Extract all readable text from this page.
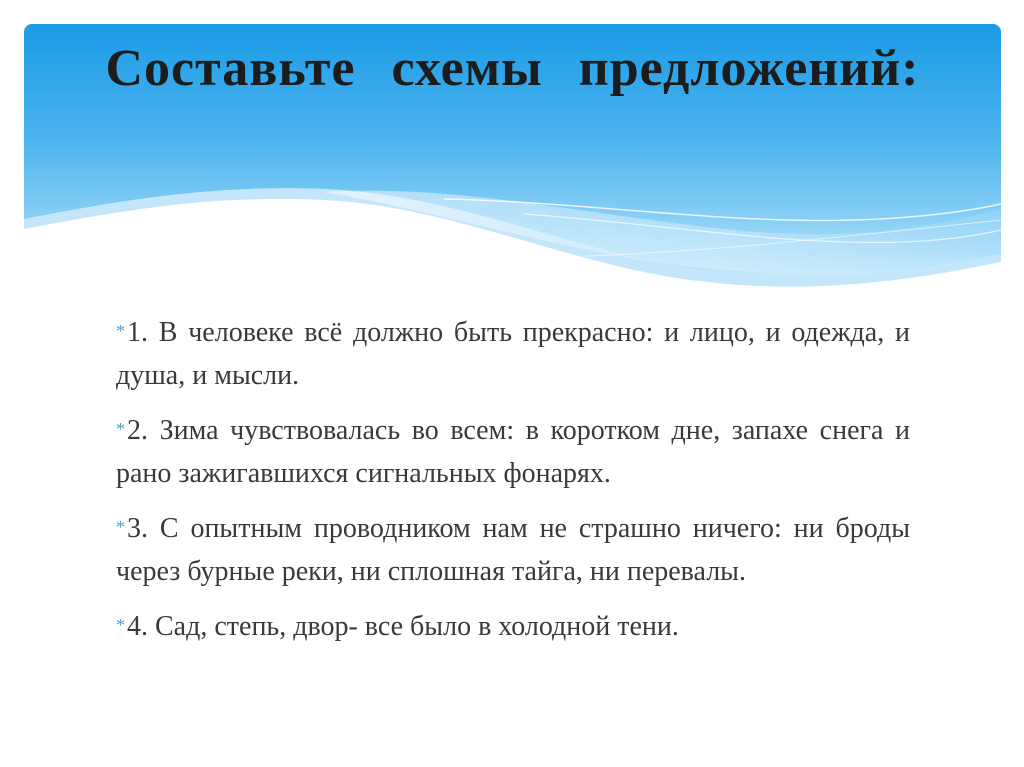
Составьте схемы предложений:
*1. В человеке всё должно быть прекрасно: и лицо, и одежда, и душа, и мысли.
*2. Зима чувствовалась во всем: в коротком дне, запахе снега и рано зажигавшихся сигнальных фонарях.
*3. С опытным проводником нам не страшно ничего: ни броды через бурные реки, ни сплошная тайга, ни перевалы.
*4. Сад, степь, двор- все было в холодной тени.
